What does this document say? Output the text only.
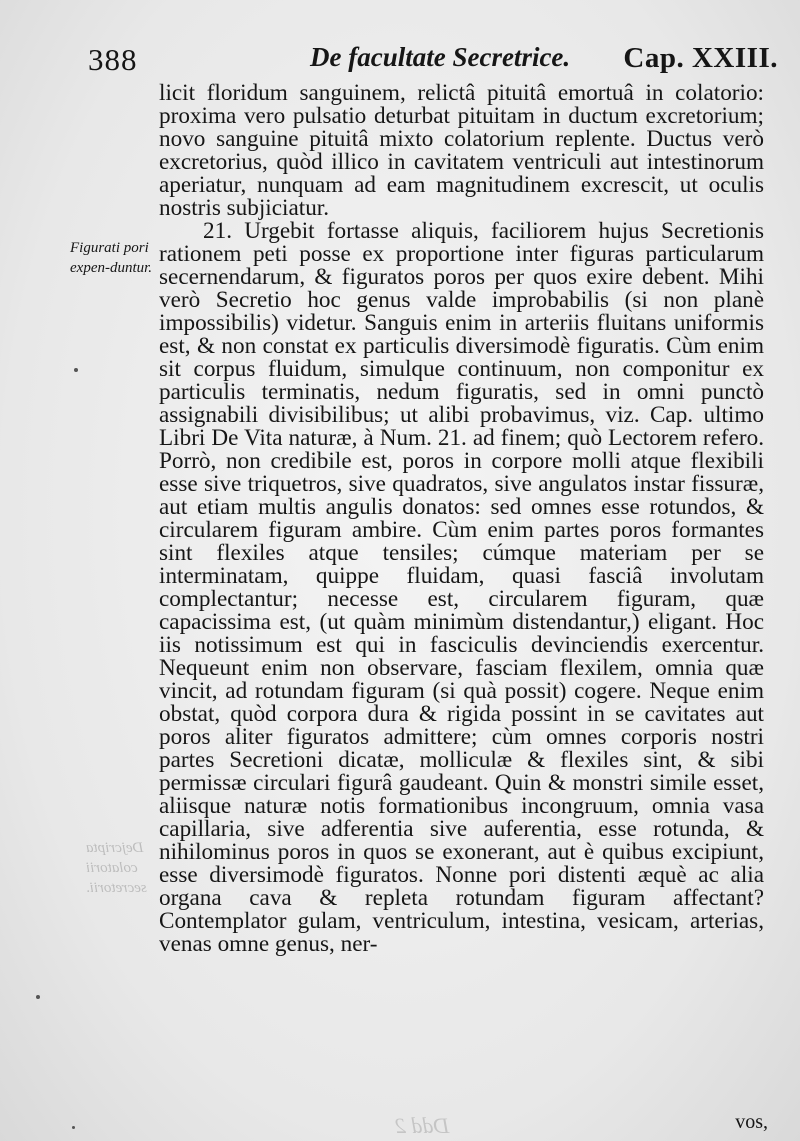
388	De facultate Secretrice. Cap. XXIII.

licit floridum sanguinem, relictâ pituitâ emortuâ in colatorio: proxima vero pulsatio deturbat pituitam in ductum excretorium; novo sanguine pituitâ mixto colatorium replente. Ductus verò excretorius, quòd illico in cavitatem ventriculi aut intestinorum aperiatur, nunquam ad eam magnitudinem excrescit, ut oculis nostris subjiciatur.

21. Urgebit fortasse aliquis, faciliorem hujus Secretionis rationem peti posse ex proportione inter figuras particularum secernendarum, & figuratos poros per quos exire debent. Mihi verò Secretio hoc genus valde improbabilis (si non planè impossibilis) videtur. Sanguis enim in arteriis fluitans uniformis est, & non constat ex particulis diversimodè figuratis. Cùm enim sit corpus fluidum, simulque continuum, non componitur ex particulis terminatis, nedum figuratis, sed in omni punctò assignabili divisibilibus; ut alibi probavimus, viz. Cap. ultimo Libri De Vita naturæ, à Num. 21. ad finem; quò Lectorem refero. Porrò, non credibile est, poros in corpore molli atque flexibili esse sive triquetros, sive quadratos, sive angulatos instar fissuræ, aut etiam multis angulis donatos: sed omnes esse rotundos, & circularem figuram ambire. Cùm enim partes poros formantes sint flexiles atque tensiles; cúmque materiam per se interminatam, quippe fluidam, quasi fasciâ involutam complectantur; necesse est, circularem figuram, quæ capacissima est, (ut quàm minimùm distendantur,) eligant. Hoc iis notissimum est qui in fasciculis devinciendis exercentur. Nequeunt enim non observare, fasciam flexilem, omnia quæ vincit, ad rotundam figuram (si quà possit) cogere. Neque enim obstat, quòd corpora dura & rigida possint in se cavitates aut poros aliter figuratos admittere; cùm omnes corporis nostri partes Secretioni dicatæ, molliculæ & flexiles sint, & sibi permissæ circulari figurâ gaudeant. Quin & monstri simile esset, aliisque naturæ notis formationibus incongruum, omnia vasa capillaria, sive adferentia sive auferentia, esse rotunda, & nihilominus poros in quos se exonerant, aut è quibus excipiunt, esse diversimodè figuratos. Nonne pori distenti æquè ac alia organa cava & repleta rotundam figuram affectant? Contemplator gulam, ventriculum, intestina, vesicam, arterias, venas omne genus, ner-

Figurati pori expen-duntur.
Dejcripta colatorii secretorii.
Ddd 2	vos,
